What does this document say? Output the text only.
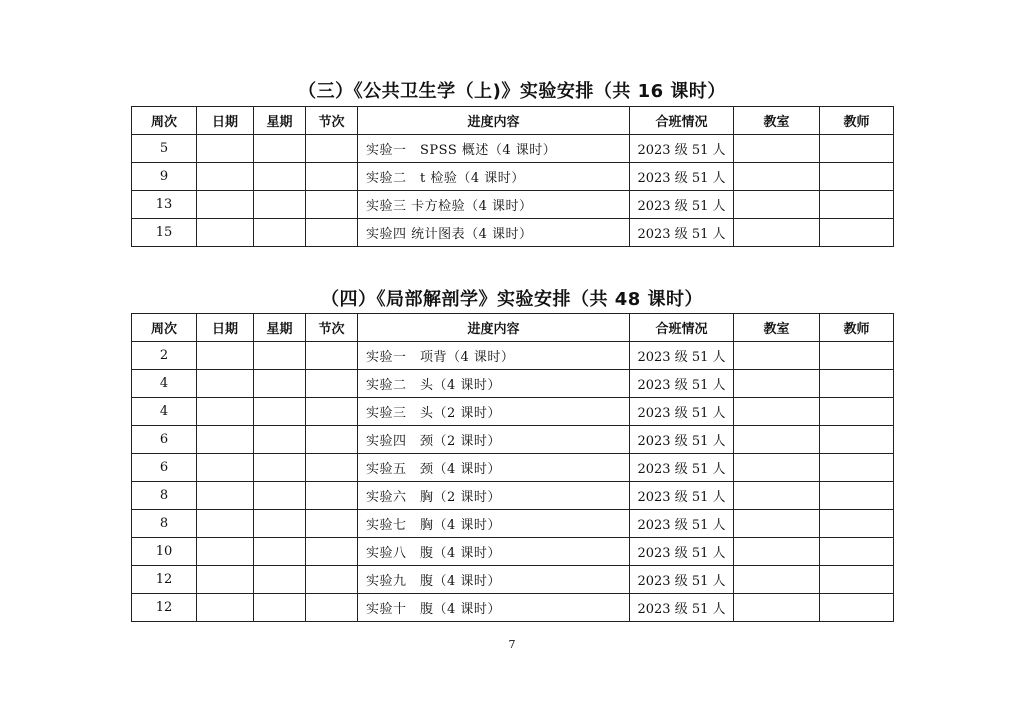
（三）《公共卫生学（上)》实验安排（共 16 课时）
周次	日期	星期	节次	进度内容	合班情况	教室	教师
5				实验一　SPSS 概述（4 课时）	2023 级 51 人		
9				实验二　t 检验（4 课时）	2023 级 51 人		
13				实验三 卡方检验（4 课时）	2023 级 51 人		
15				实验四 统计图表（4 课时）	2023 级 51 人		
（四）《局部解剖学》实验安排（共 48 课时）
周次	日期	星期	节次	进度内容	合班情况	教室	教师
2				实验一　项背（4 课时）	2023 级 51 人		
4				实验二　头（4 课时）	2023 级 51 人		
4				实验三　头（2 课时）	2023 级 51 人		
6				实验四　颈（2 课时）	2023 级 51 人		
6				实验五　颈（4 课时）	2023 级 51 人		
8				实验六　胸（2 课时）	2023 级 51 人		
8				实验七　胸（4 课时）	2023 级 51 人		
10				实验八　腹（4 课时）	2023 级 51 人		
12				实验九　腹（4 课时）	2023 级 51 人		
12				实验十　腹（4 课时）	2023 级 51 人		
7
